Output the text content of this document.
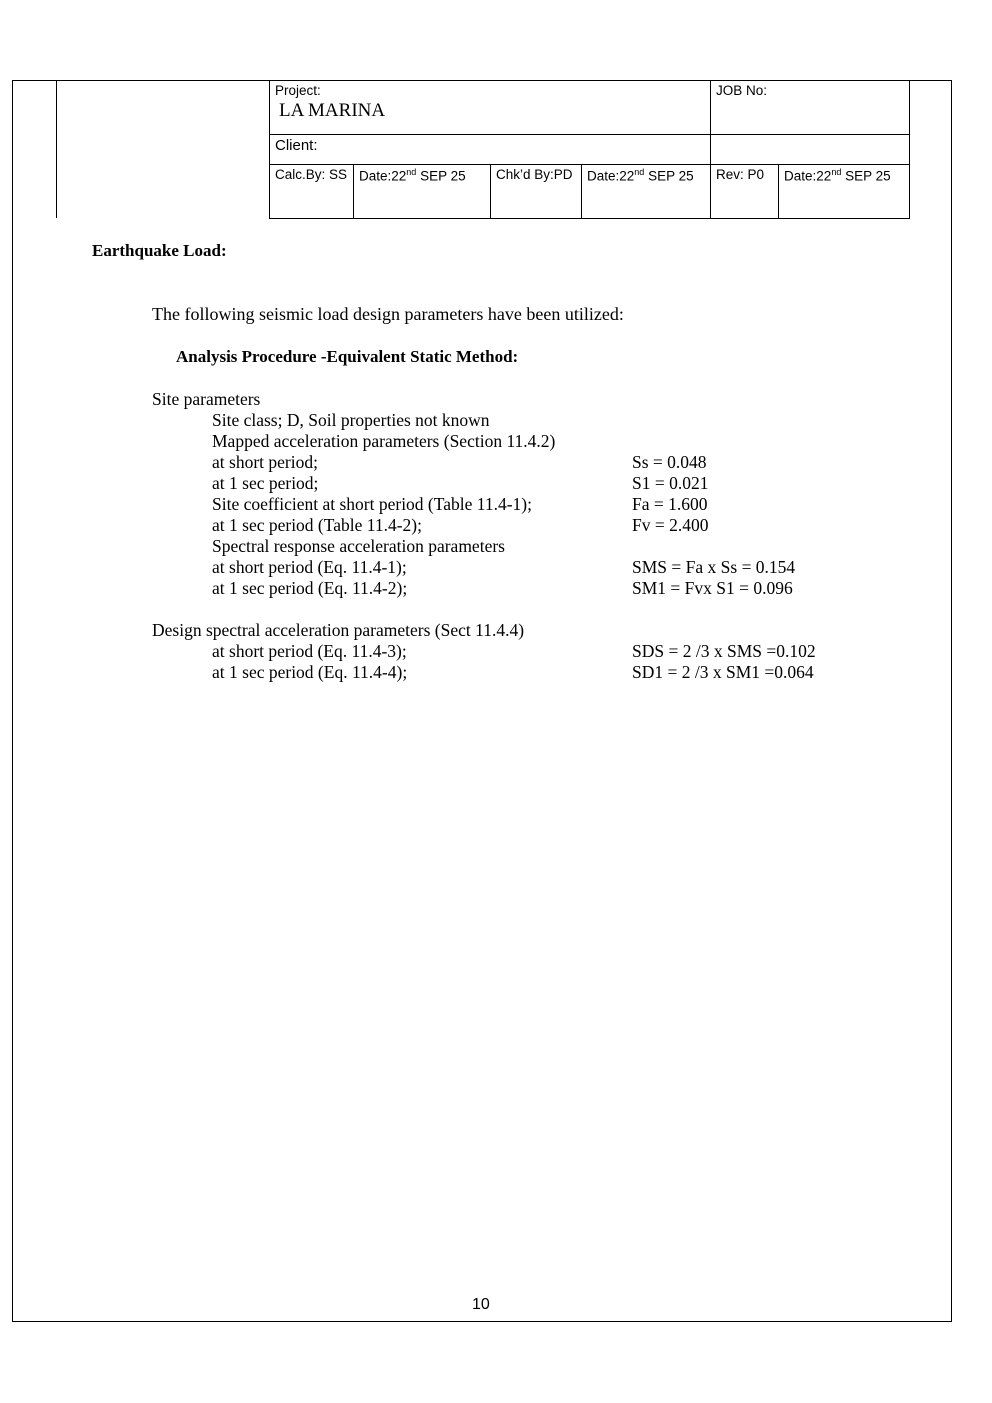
Project:
LA MARINA				JOB No:	
Client:					
Calc.By: SS	Date:22nd SEP 25	Chk’d By:PD	Date:22nd SEP 25	Rev: P0	Date:22nd SEP 25
Earthquake Load:
The following seismic load design parameters have been utilized:
Analysis Procedure -Equivalent Static Method:
Site parameters
Site class; D, Soil properties not known
Mapped acceleration parameters (Section 11.4.2)
at short period;	Ss = 0.048
at 1 sec period;	S1 = 0.021
Site coefficient at short period (Table 11.4-1);	Fa = 1.600
at 1 sec period (Table 11.4-2);	Fv = 2.400
Spectral response acceleration parameters
at short period (Eq. 11.4-1);	SMS = Fa x Ss = 0.154
at 1 sec period (Eq. 11.4-2);	SM1 = Fvx S1 = 0.096
Design spectral acceleration parameters (Sect 11.4.4)
at short period (Eq. 11.4-3);	SDS = 2 /3 x SMS =0.102
at 1 sec period (Eq. 11.4-4);	SD1 = 2 /3 x SM1 =0.064
10
